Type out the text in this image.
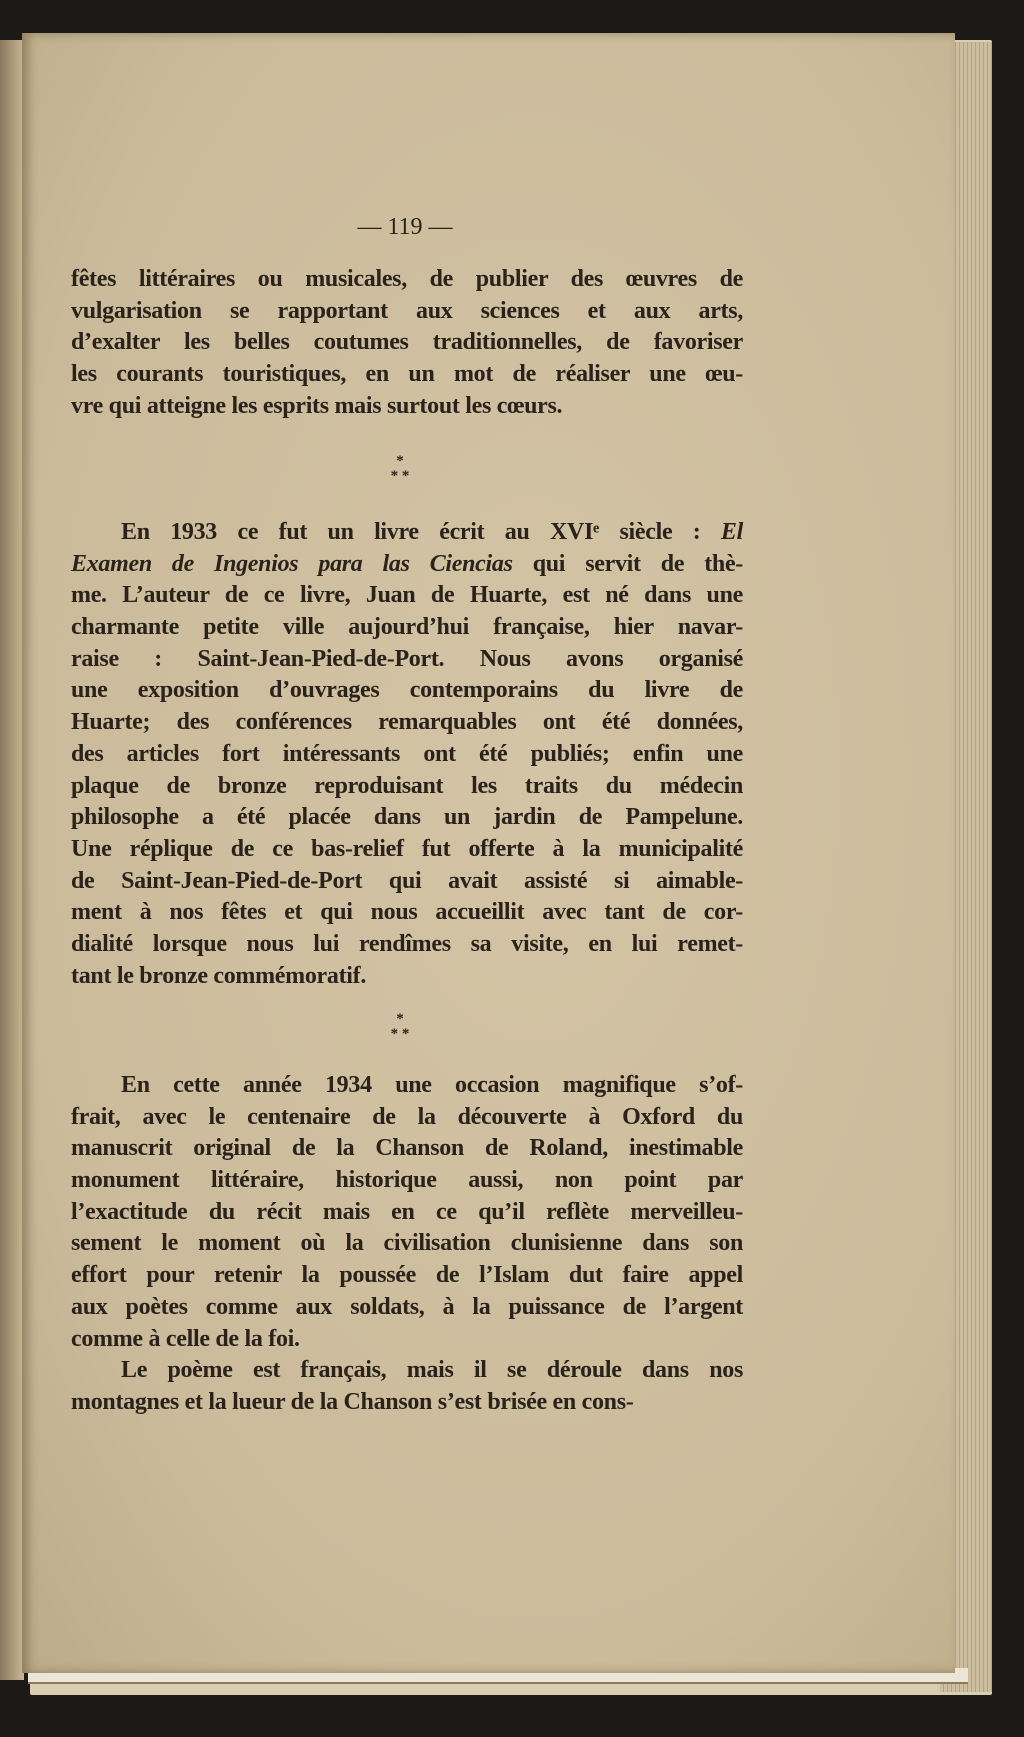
— 119 —
fêtes littéraires ou musicales, de publier des œuvres de
vulgarisation se rapportant aux sciences et aux arts,
d’exalter les belles coutumes traditionnelles, de favoriser
les courants touristiques, en un mot de réaliser une œu-
vre qui atteigne les esprits mais surtout les cœurs.
*
* *
En 1933 ce fut un livre écrit au XVIᵉ siècle : El
Examen de Ingenios para las Ciencias qui servit de thè-
me. L’auteur de ce livre, Juan de Huarte, est né dans une
charmante petite ville aujourd’hui française, hier navar-
raise : Saint-Jean-Pied-de-Port. Nous avons organisé
une exposition d’ouvrages contemporains du livre de
Huarte; des conférences remarquables ont été données,
des articles fort intéressants ont été publiés; enfin une
plaque de bronze reproduisant les traits du médecin
philosophe a été placée dans un jardin de Pampelune.
Une réplique de ce bas-relief fut offerte à la municipalité
de Saint-Jean-Pied-de-Port qui avait assisté si aimable-
ment à nos fêtes et qui nous accueillit avec tant de cor-
dialité lorsque nous lui rendîmes sa visite, en lui remet-
tant le bronze commémoratif.
*
* *
En cette année 1934 une occasion magnifique s’of-
frait, avec le centenaire de la découverte à Oxford du
manuscrit original de la Chanson de Roland, inestimable
monument littéraire, historique aussi, non point par
l’exactitude du récit mais en ce qu’il reflète merveilleu-
sement le moment où la civilisation clunisienne dans son
effort pour retenir la poussée de l’Islam dut faire appel
aux poètes comme aux soldats, à la puissance de l’argent
comme à celle de la foi.
Le poème est français, mais il se déroule dans nos
montagnes et la lueur de la Chanson s’est brisée en cons-
